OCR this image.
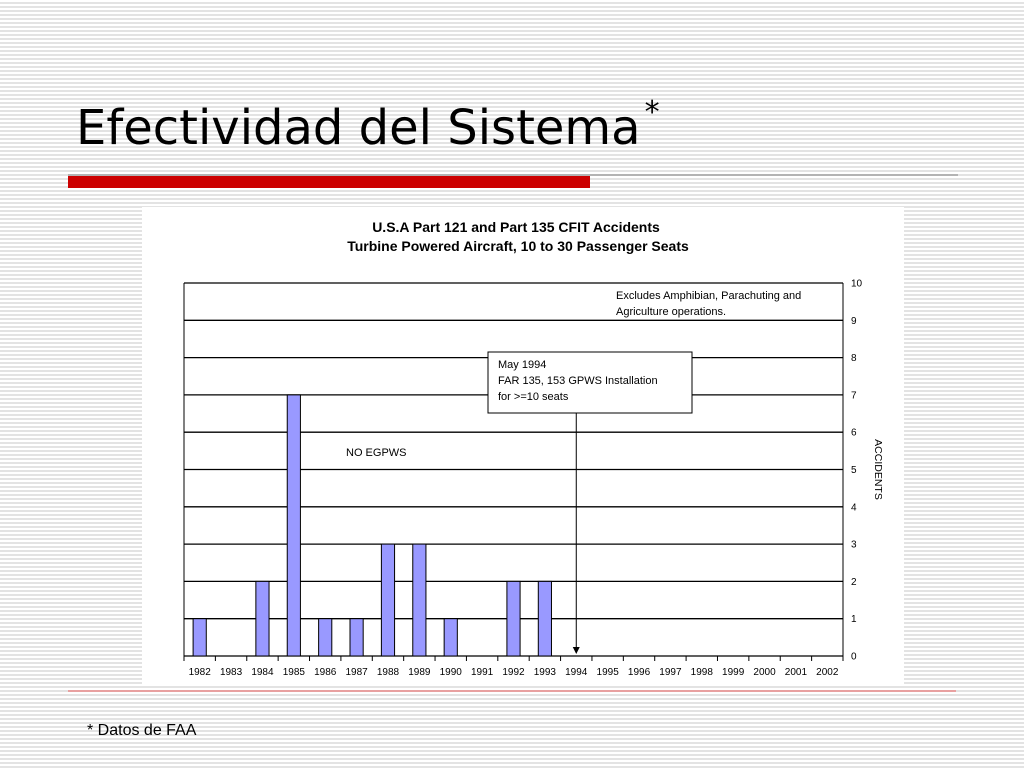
Efectividad del Sistema *
1982 1983 1984 1985 1986 1987 1988 1989 1990 1991 1992 1993 1994 1995 1996 1997 1998 1999 2000 2001 2002
0
1
2
3
4
5
6
7
8
9
10
U.S.A Part 121 and Part 135 CFIT Accidents
Turbine Powered Aircraft, 10 to 30 Passenger Seats
ACCIDENTS
Excludes Amphibian, Parachuting and
Agriculture operations.
NO EGPWS
May 1994
FAR 135, 153 GPWS Installation
for >=10 seats
* Datos de FAA
